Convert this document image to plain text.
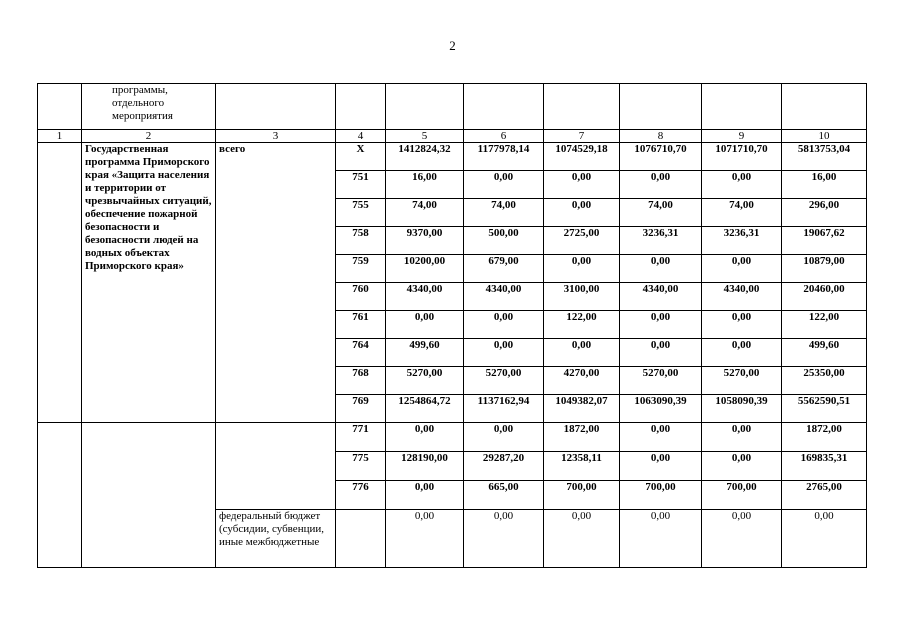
2
	программы, отдельного мероприятия								
1	2	3	4	5	6	7	8	9	10
	Государственная программа Приморского края «Защита населения и территории от чрезвычайных ситуаций, обеспечение пожарной безопасности и безопасности людей на водных объектах Приморского края»	всего	Х	1412824,32	1177978,14	1074529,18	1076710,70	1071710,70	5813753,04
			751	16,00	0,00	0,00	0,00	0,00	16,00
			755	74,00	74,00	0,00	74,00	74,00	296,00
			758	9370,00	500,00	2725,00	3236,31	3236,31	19067,62
			759	10200,00	679,00	0,00	0,00	0,00	10879,00
			760	4340,00	4340,00	3100,00	4340,00	4340,00	20460,00
			761	0,00	0,00	122,00	0,00	0,00	122,00
			764	499,60	0,00	0,00	0,00	0,00	499,60
			768	5270,00	5270,00	4270,00	5270,00	5270,00	25350,00
			769	1254864,72	1137162,94	1049382,07	1063090,39	1058090,39	5562590,51
			771	0,00	0,00	1872,00	0,00	0,00	1872,00
			775	128190,00	29287,20	12358,11	0,00	0,00	169835,31
			776	0,00	665,00	700,00	700,00	700,00	2765,00
		федеральный бюджет (субсидии, субвенции, иные межбюджетные		0,00	0,00	0,00	0,00	0,00	0,00
